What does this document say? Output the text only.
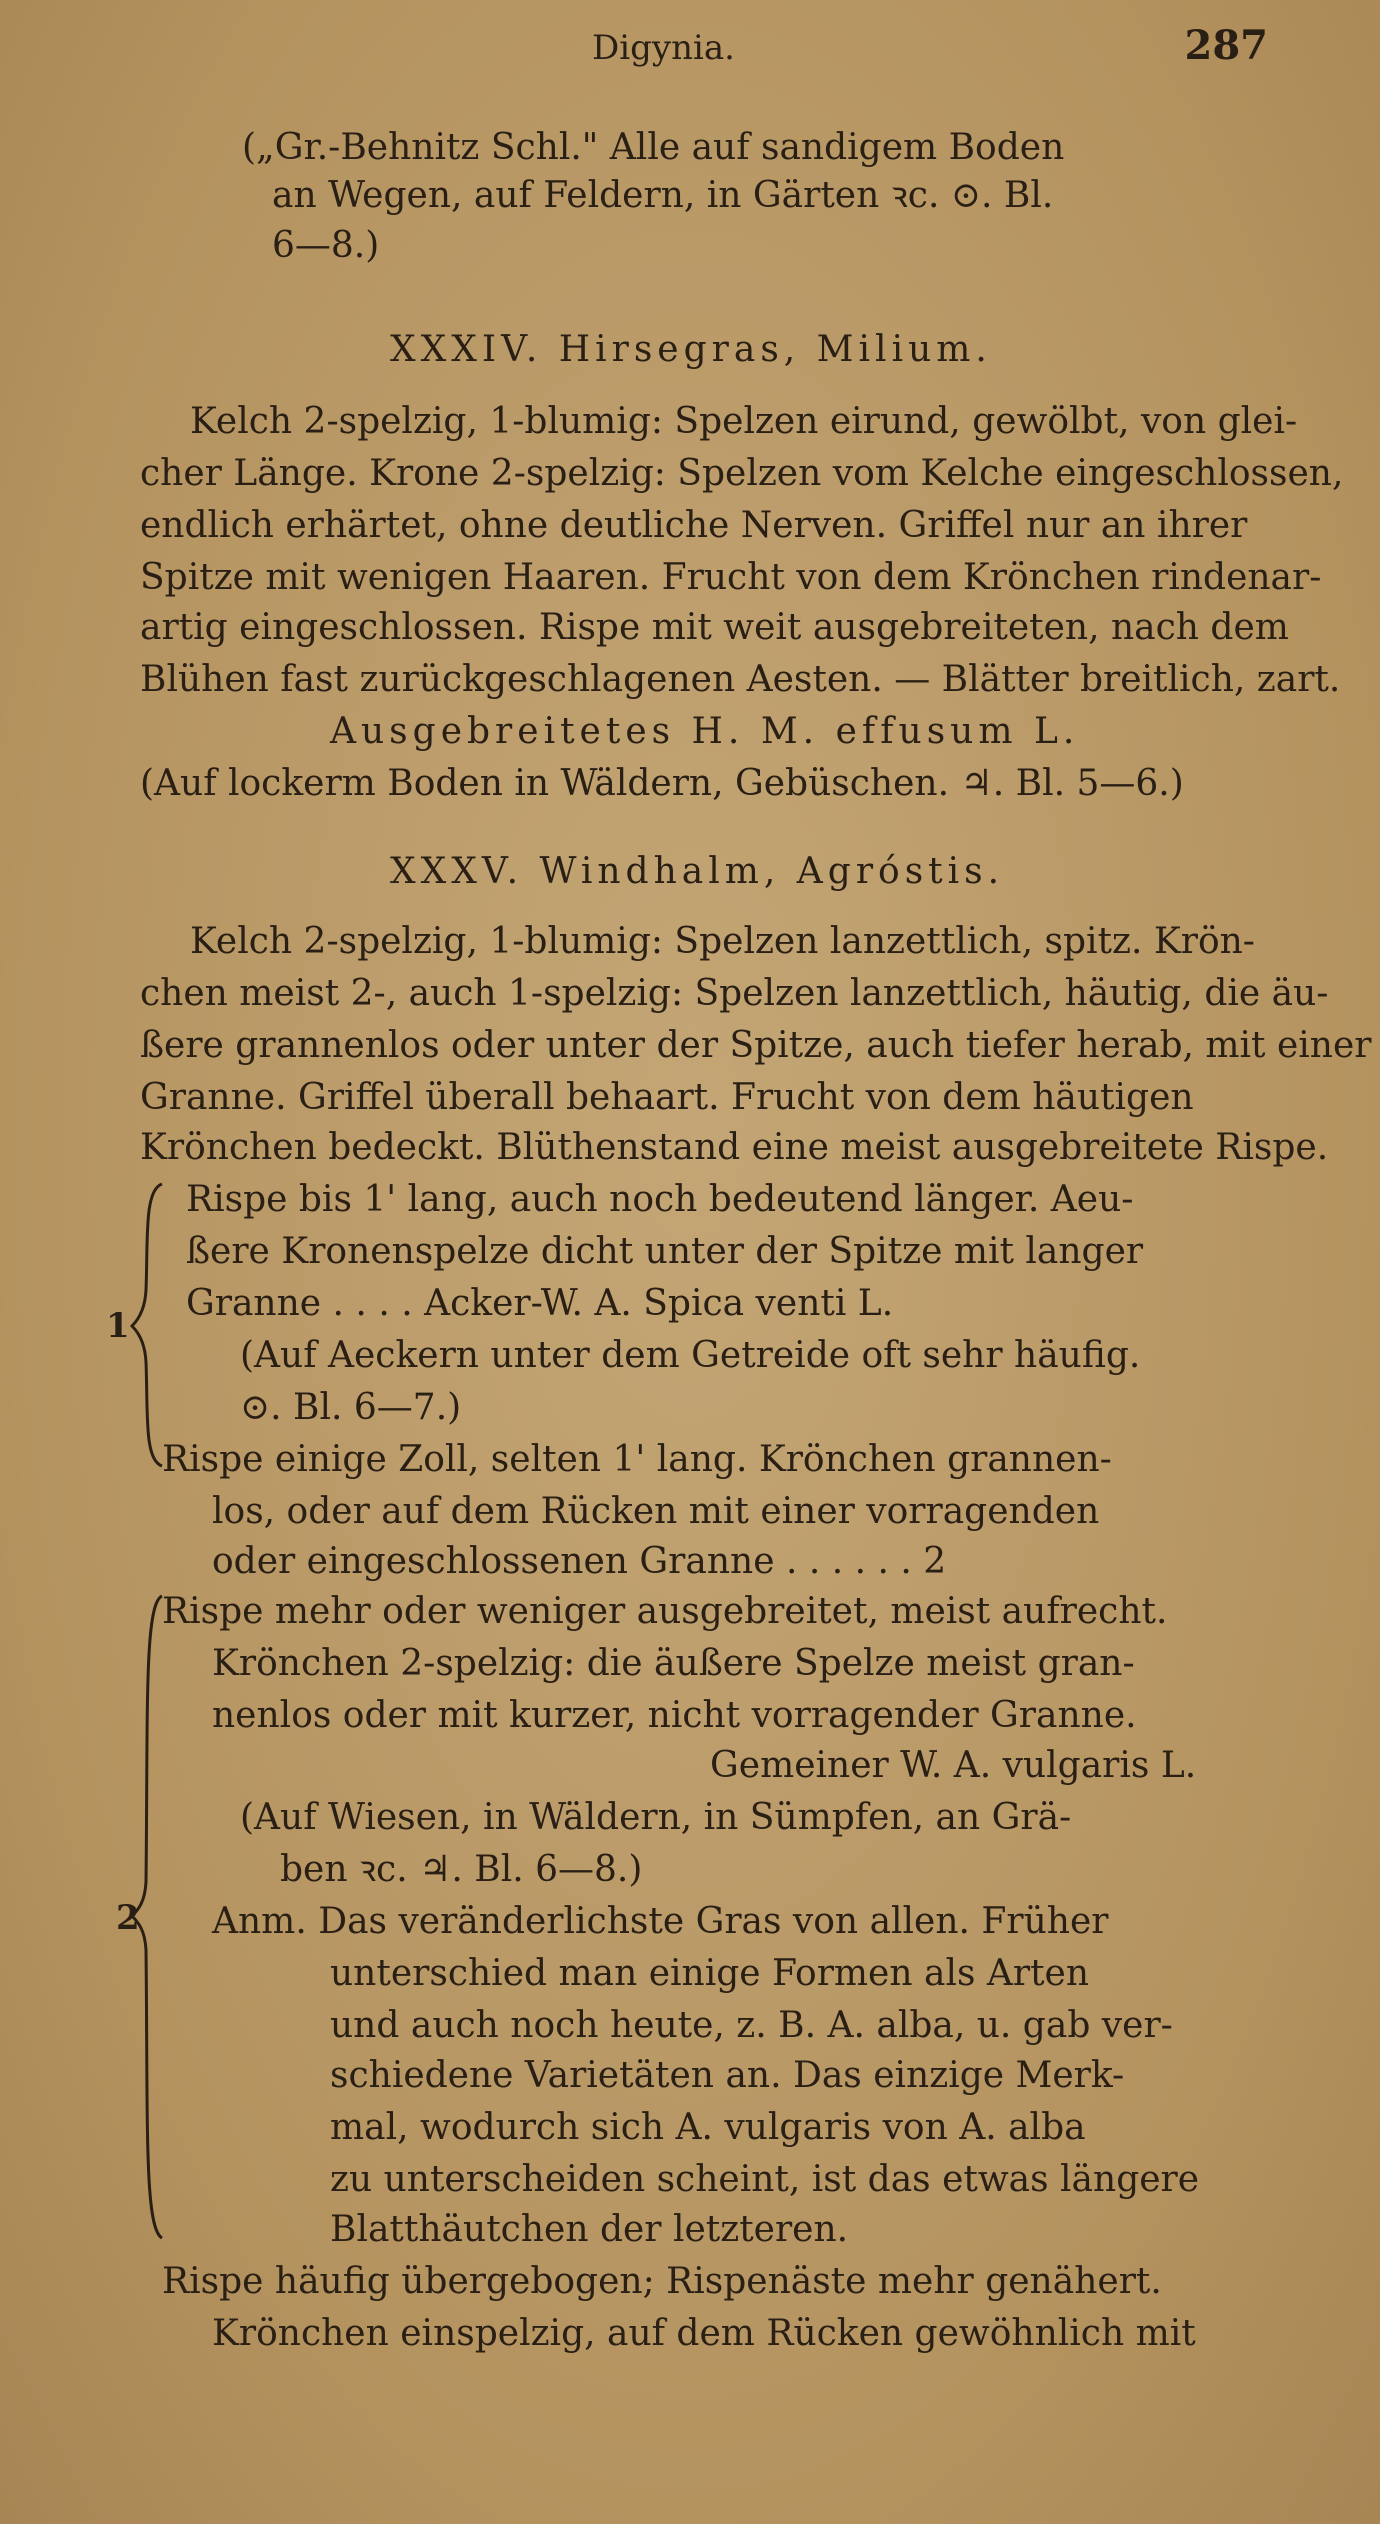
Digynia.	287
(„Gr.-Behnitz Schl." Alle auf sandigem Boden
an Wegen, auf Feldern, in Gärten ꝛc. ⊙. Bl.
6—8.)
XXXIV. Hirsegras, Milium.
Kelch 2-spelzig, 1-blumig: Spelzen eirund, gewölbt, von glei-
cher Länge. Krone 2-spelzig: Spelzen vom Kelche eingeschlossen,
endlich erhärtet, ohne deutliche Nerven. Griffel nur an ihrer
Spitze mit wenigen Haaren. Frucht von dem Krönchen rindenar-
artig eingeschlossen. Rispe mit weit ausgebreiteten, nach dem
Blühen fast zurückgeschlagenen Aesten. — Blätter breitlich, zart.
Ausgebreitetes H. M. effusum L.
(Auf lockerm Boden in Wäldern, Gebüschen. ♃. Bl. 5—6.)
XXXV. Windhalm, Agróstis.
Kelch 2-spelzig, 1-blumig: Spelzen lanzettlich, spitz. Krön-
chen meist 2-, auch 1-spelzig: Spelzen lanzettlich, häutig, die äu-
ßere grannenlos oder unter der Spitze, auch tiefer herab, mit einer
Granne. Griffel überall behaart. Frucht von dem häutigen
Krönchen bedeckt. Blüthenstand eine meist ausgebreitete Rispe.
1
Rispe bis 1' lang, auch noch bedeutend länger. Aeu-
ßere Kronenspelze dicht unter der Spitze mit langer
Granne . . . . Acker-W. A. Spica venti L.
(Auf Aeckern unter dem Getreide oft sehr häufig.
⊙. Bl. 6—7.)
Rispe einige Zoll, selten 1' lang. Krönchen grannen-
los, oder auf dem Rücken mit einer vorragenden
oder eingeschlossenen Granne . . . . . . 2
2
Rispe mehr oder weniger ausgebreitet, meist aufrecht.
Krönchen 2-spelzig: die äußere Spelze meist gran-
nenlos oder mit kurzer, nicht vorragender Granne.
Gemeiner W. A. vulgaris L.
(Auf Wiesen, in Wäldern, in Sümpfen, an Grä-
ben ꝛc. ♃. Bl. 6—8.)
Anm. Das veränderlichste Gras von allen. Früher
unterschied man einige Formen als Arten
und auch noch heute, z. B. A. alba, u. gab ver-
schiedene Varietäten an. Das einzige Merk-
mal, wodurch sich A. vulgaris von A. alba
zu unterscheiden scheint, ist das etwas längere
Blatthäutchen der letzteren.
Rispe häufig übergebogen; Rispenäste mehr genähert.
Krönchen einspelzig, auf dem Rücken gewöhnlich mit
